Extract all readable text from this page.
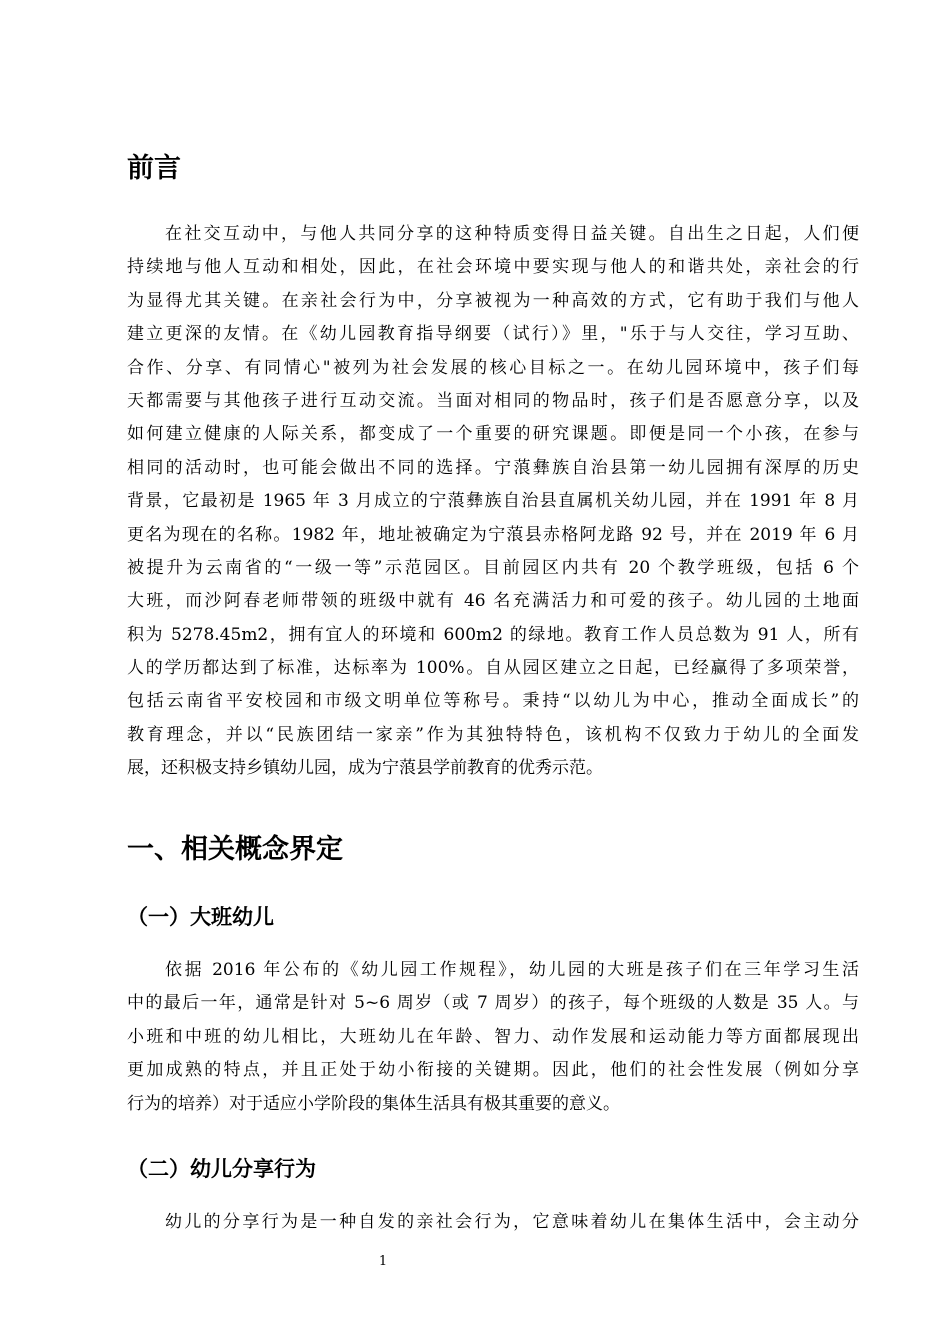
前言
在社交互动中，与他人共同分享的这种特质变得日益关键。自出生之日起，人们便
持续地与他人互动和相处，因此，在社会环境中要实现与他人的和谐共处，亲社会的行
为显得尤其关键。在亲社会行为中，分享被视为一种高效的方式，它有助于我们与他人
建立更深的友情。在《幼儿园教育指导纲要（试行）》里，"乐于与人交往，学习互助、
合作、分享、有同情心"被列为社会发展的核心目标之一。在幼儿园环境中，孩子们每
天都需要与其他孩子进行互动交流。当面对相同的物品时，孩子们是否愿意分享，以及
如何建立健康的人际关系，都变成了一个重要的研究课题。即便是同一个小孩，在参与
相同的活动时，也可能会做出不同的选择。宁蒗彝族自治县第一幼儿园拥有深厚的历史
背景，它最初是 1965 年 3 月成立的宁蒗彝族自治县直属机关幼儿园，并在 1991 年 8 月
更名为现在的名称。1982 年，地址被确定为宁蒗县赤格阿龙路 92 号，并在 2019 年 6 月
被提升为云南省的“一级一等”示范园区。目前园区内共有 20 个教学班级，包括 6 个
大班，而沙阿春老师带领的班级中就有 46 名充满活力和可爱的孩子。幼儿园的土地面
积为 5278.45m2，拥有宜人的环境和 600m2 的绿地。教育工作人员总数为 91 人，所有
人的学历都达到了标准，达标率为 100%。自从园区建立之日起，已经赢得了多项荣誉，
包括云南省平安校园和市级文明单位等称号。秉持“以幼儿为中心，推动全面成长”的
教育理念，并以“民族团结一家亲”作为其独特特色，该机构不仅致力于幼儿的全面发
展，还积极支持乡镇幼儿园，成为宁蒗县学前教育的优秀示范。
一、相关概念界定
（一）大班幼儿
依据 2016 年公布的《幼儿园工作规程》，幼儿园的大班是孩子们在三年学习生活
中的最后一年，通常是针对 5~6 周岁（或 7 周岁）的孩子，每个班级的人数是 35 人。与
小班和中班的幼儿相比，大班幼儿在年龄、智力、动作发展和运动能力等方面都展现出
更加成熟的特点，并且正处于幼小衔接的关键期。因此，他们的社会性发展（例如分享
行为的培养）对于适应小学阶段的集体生活具有极其重要的意义。
（二）幼儿分享行为
幼儿的分享行为是一种自发的亲社会行为，它意味着幼儿在集体生活中，会主动分
1
